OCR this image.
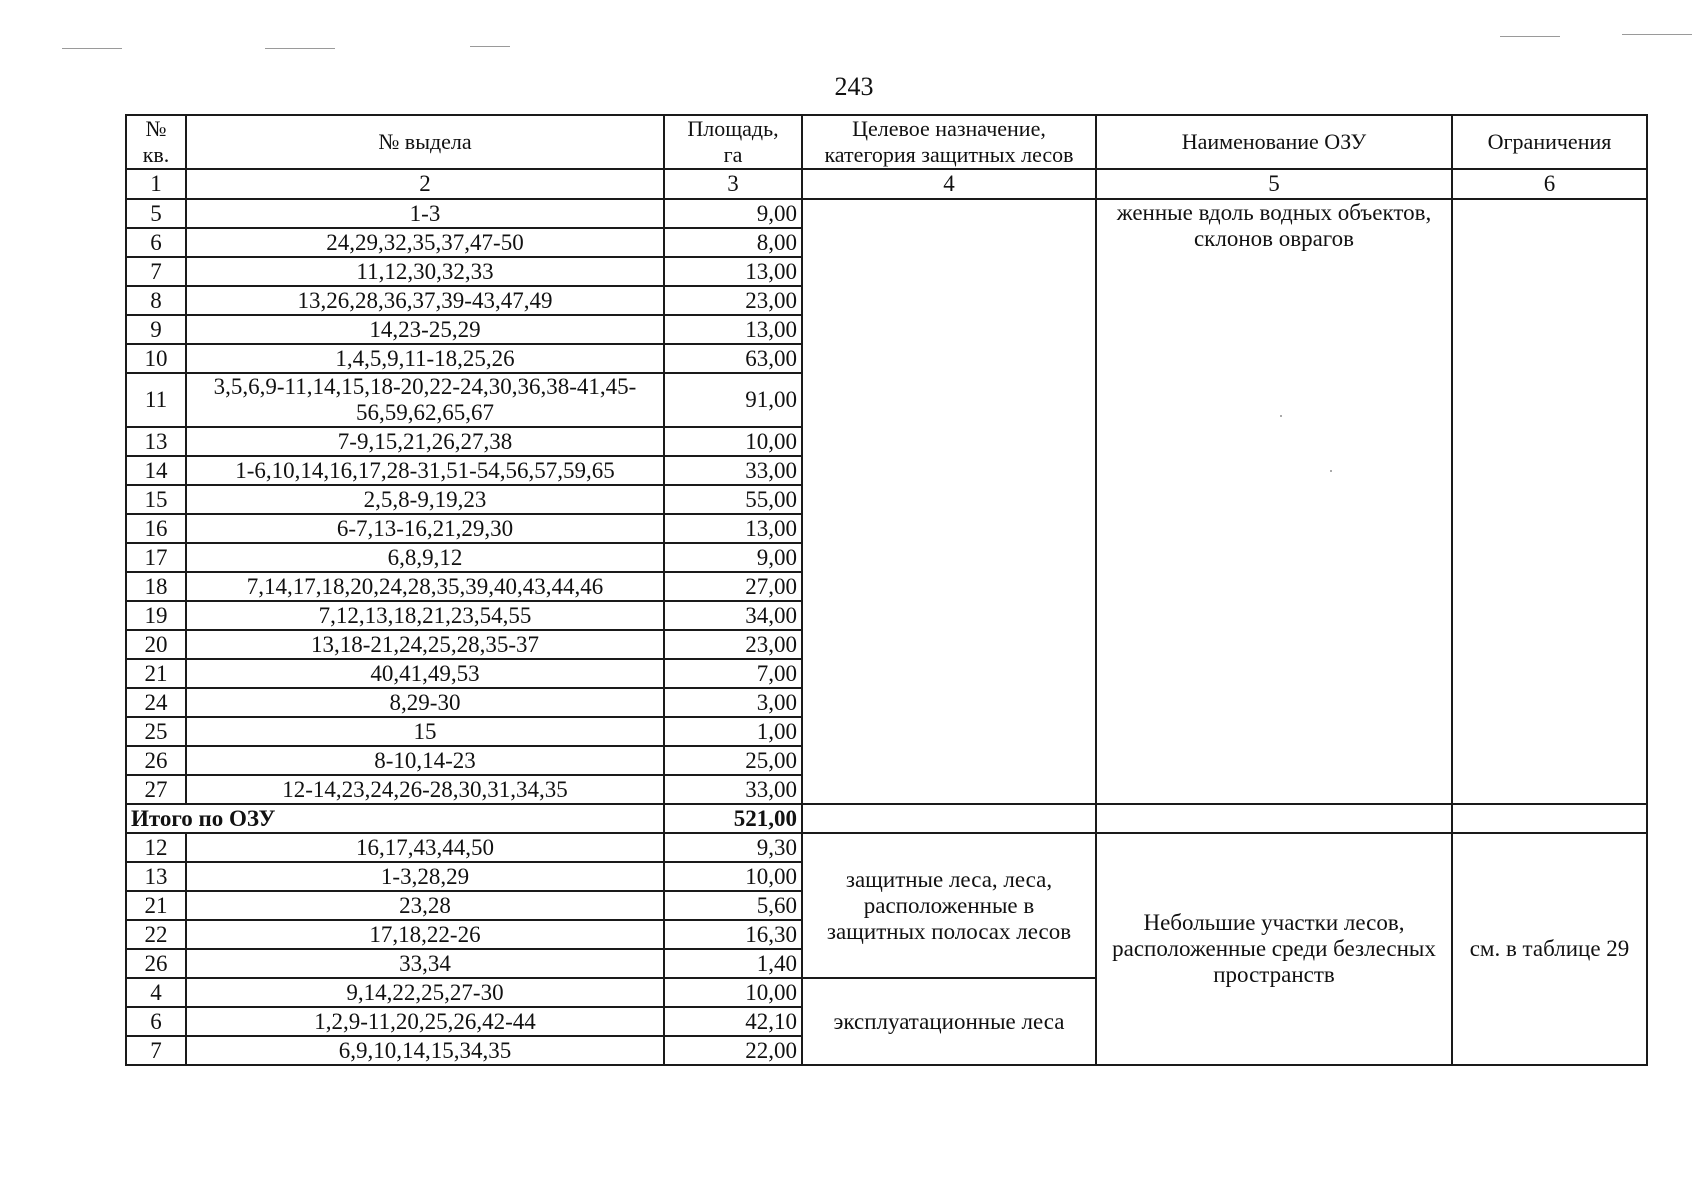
243
№ кв.	№ выдела	Площадь, га	Целевое назначение, категория защитных лесов	Наименование ОЗУ	Ограничения
1	2	3	4	5	6
5	1-3	9,00		женные вдоль водных объектов, склонов оврагов	
6	24,29,32,35,37,47-50	8,00			
7	11,12,30,32,33	13,00			
8	13,26,28,36,37,39-43,47,49	23,00			
9	14,23-25,29	13,00			
10	1,4,5,9,11-18,25,26	63,00			
11	3,5,6,9-11,14,15,18-20,22-24,30,36,38-41,45-56,59,62,65,67	91,00			
13	7-9,15,21,26,27,38	10,00			
14	1-6,10,14,16,17,28-31,51-54,56,57,59,65	33,00			
15	2,5,8-9,19,23	55,00			
16	6-7,13-16,21,29,30	13,00			
17	6,8,9,12	9,00			
18	7,14,17,18,20,24,28,35,39,40,43,44,46	27,00			
19	7,12,13,18,21,23,54,55	34,00			
20	13,18-21,24,25,28,35-37	23,00			
21	40,41,49,53	7,00			
24	8,29-30	3,00			
25	15	1,00			
26	8-10,14-23	25,00			
27	12-14,23,24,26-28,30,31,34,35	33,00			
Итого по ОЗУ		521,00			
12	16,17,43,44,50	9,30	защитные леса, леса, расположенные в защитных полосах лесов	Небольшие участки лесов, расположенные среди безлесных пространств	см. в таблице 29
13	1-3,28,29	10,00			
21	23,28	5,60			
22	17,18,22-26	16,30			
26	33,34	1,40			
4	9,14,22,25,27-30	10,00	эксплуатационные леса		
6	1,2,9-11,20,25,26,42-44	42,10			
7	6,9,10,14,15,34,35	22,00			
